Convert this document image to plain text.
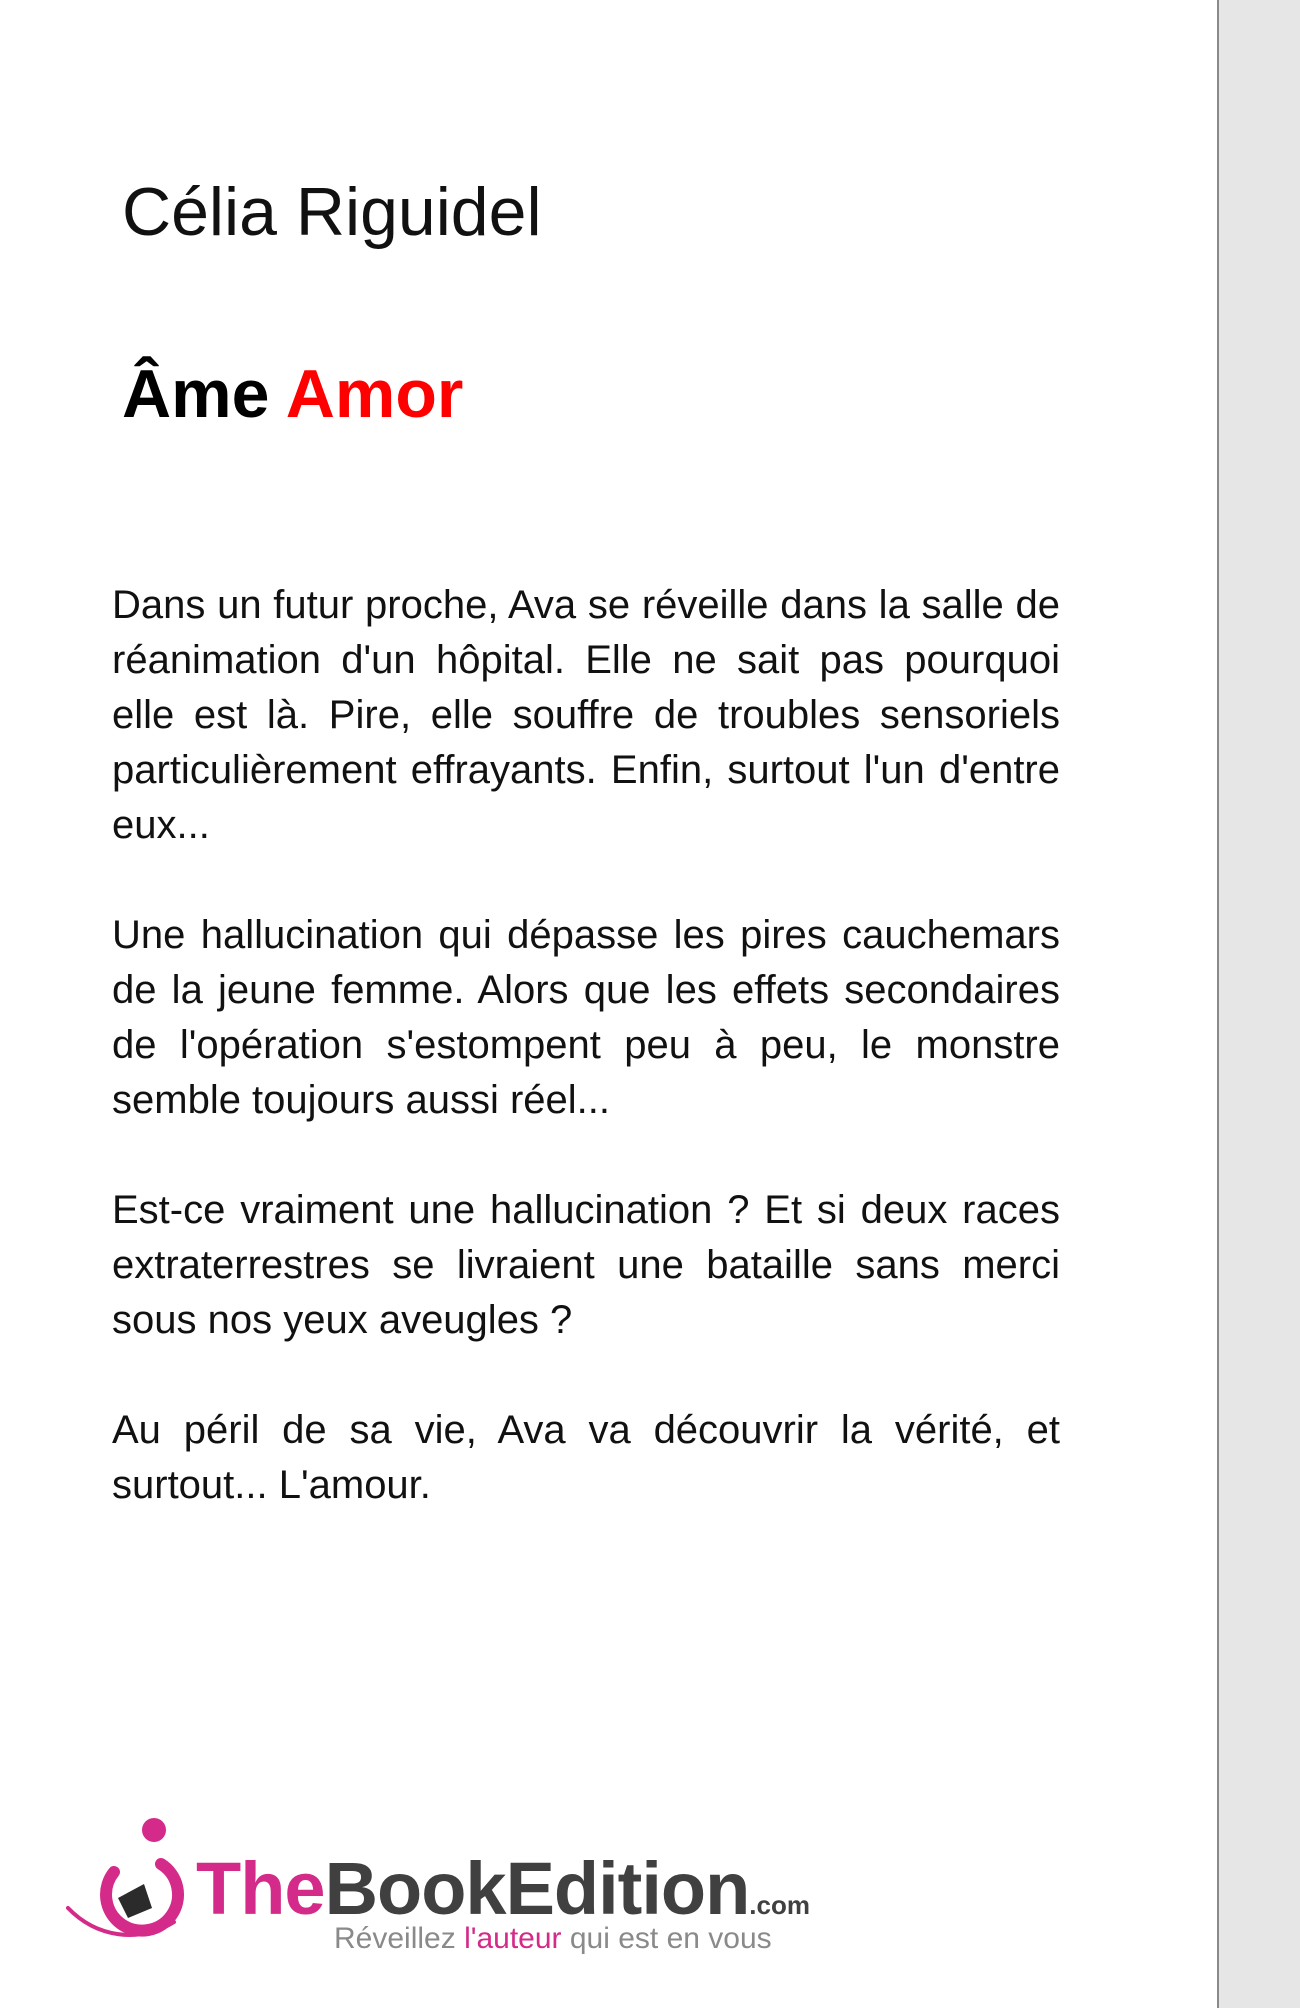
Célia Riguidel
Âme Amor

Dans un futur proche, Ava se réveille dans la salle de réanimation d'un hôpital. Elle ne sait pas pourquoi elle est là. Pire, elle souffre de troubles sensoriels particulièrement effrayants. Enfin, surtout l'un d'entre eux...

Une hallucination qui dépasse les pires cauchemars de la jeune femme. Alors que les effets secondaires de l'opération s'estompent peu à peu, le monstre semble toujours aussi réel...

Est-ce vraiment une hallucination ? Et si deux races extraterrestres se livraient une bataille sans merci sous nos yeux aveugles ?

Au péril de sa vie, Ava va découvrir la vérité, et surtout... L'amour.

TheBookEdition.com
Réveillez l'auteur qui est en vous
